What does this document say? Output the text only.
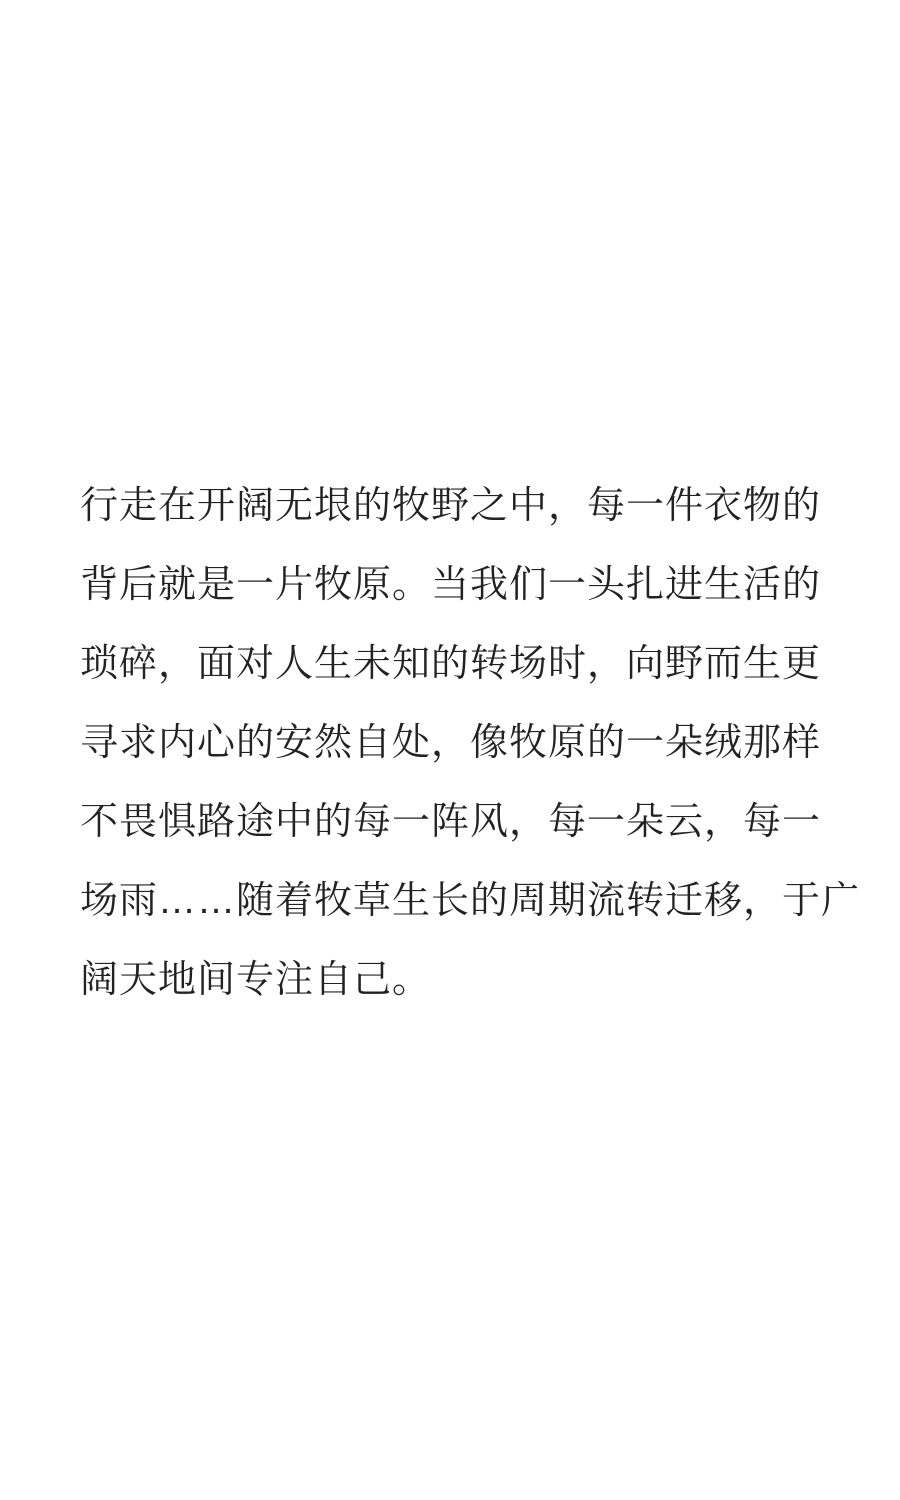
行走在开阔无垠的牧野之中，每一件衣物的
背后就是一片牧原。当我们一头扎进生活的
琐碎，面对人生未知的转场时，向野而生更
寻求内心的安然自处，像牧原的一朵绒那样
不畏惧路途中的每一阵风，每一朵云，每一
场雨……随着牧草生长的周期流转迁移，于广
阔天地间专注自己。
